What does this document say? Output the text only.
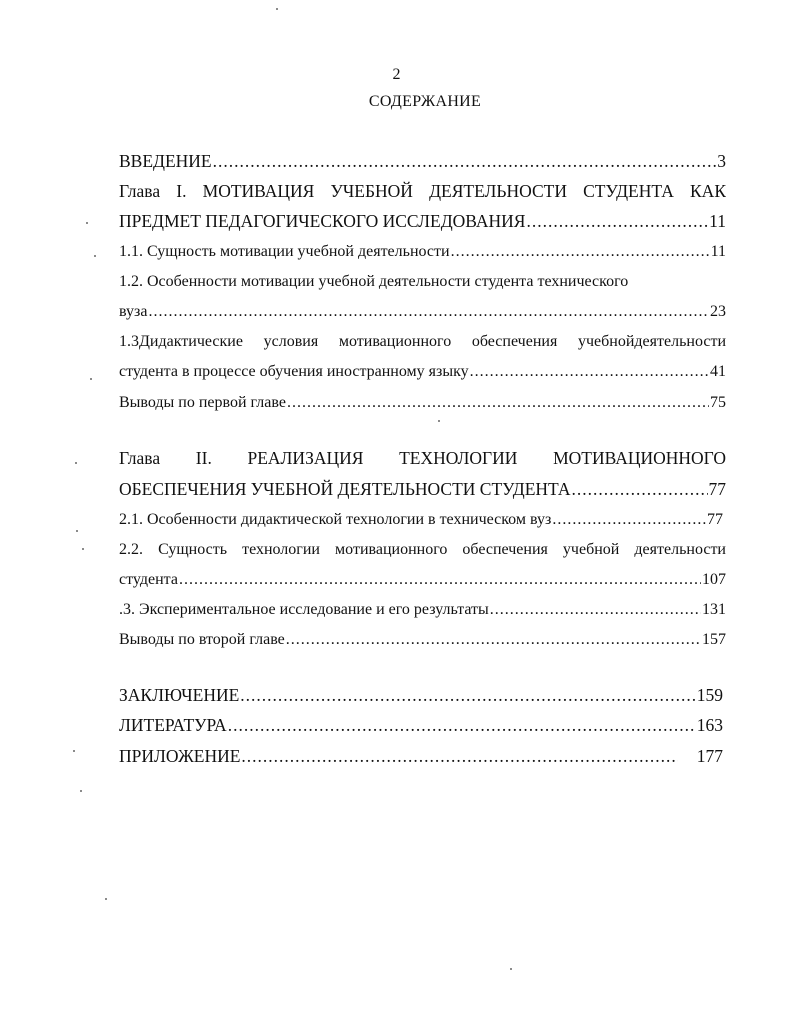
2
СОДЕРЖАНИЕ
ВВЕДЕНИЕ .....	3
Глава I. МОТИВАЦИЯ УЧЕБНОЙ ДЕЯТЕЛЬНОСТИ СТУДЕНТА КАК
ПРЕДМЕТ ПЕДАГОГИЧЕСКОГО ИССЛЕДОВАНИЯ .....	11
1.1. Сущность мотивации учебной деятельности .....	11
1.2. Особенности мотивации учебной деятельности студента технического
вуза .....	23
1.3Дидактические условия мотивационного обеспечения учебнойдеятельности
студента в процессе обучения иностранному языку .....	41
Выводы по первой главе .....	75
Глава II. РЕАЛИЗАЦИЯ ТЕХНОЛОГИИ МОТИВАЦИОННОГО
ОБЕСПЕЧЕНИЯ УЧЕБНОЙ ДЕЯТЕЛЬНОСТИ СТУДЕНТА .....	77
2.1. Особенности дидактической технологии в техническом вуз .....	77
2.2. Сущность технологии мотивационного обеспечения учебной деятельности
студента .....	107
.3. Экспериментальное исследование и его результаты .....	131
Выводы по второй главе .....	157
ЗАКЛЮЧЕНИЕ .....	159
ЛИТЕРАТУРА .....	163
ПРИЛОЖЕНИЕ .....	177
